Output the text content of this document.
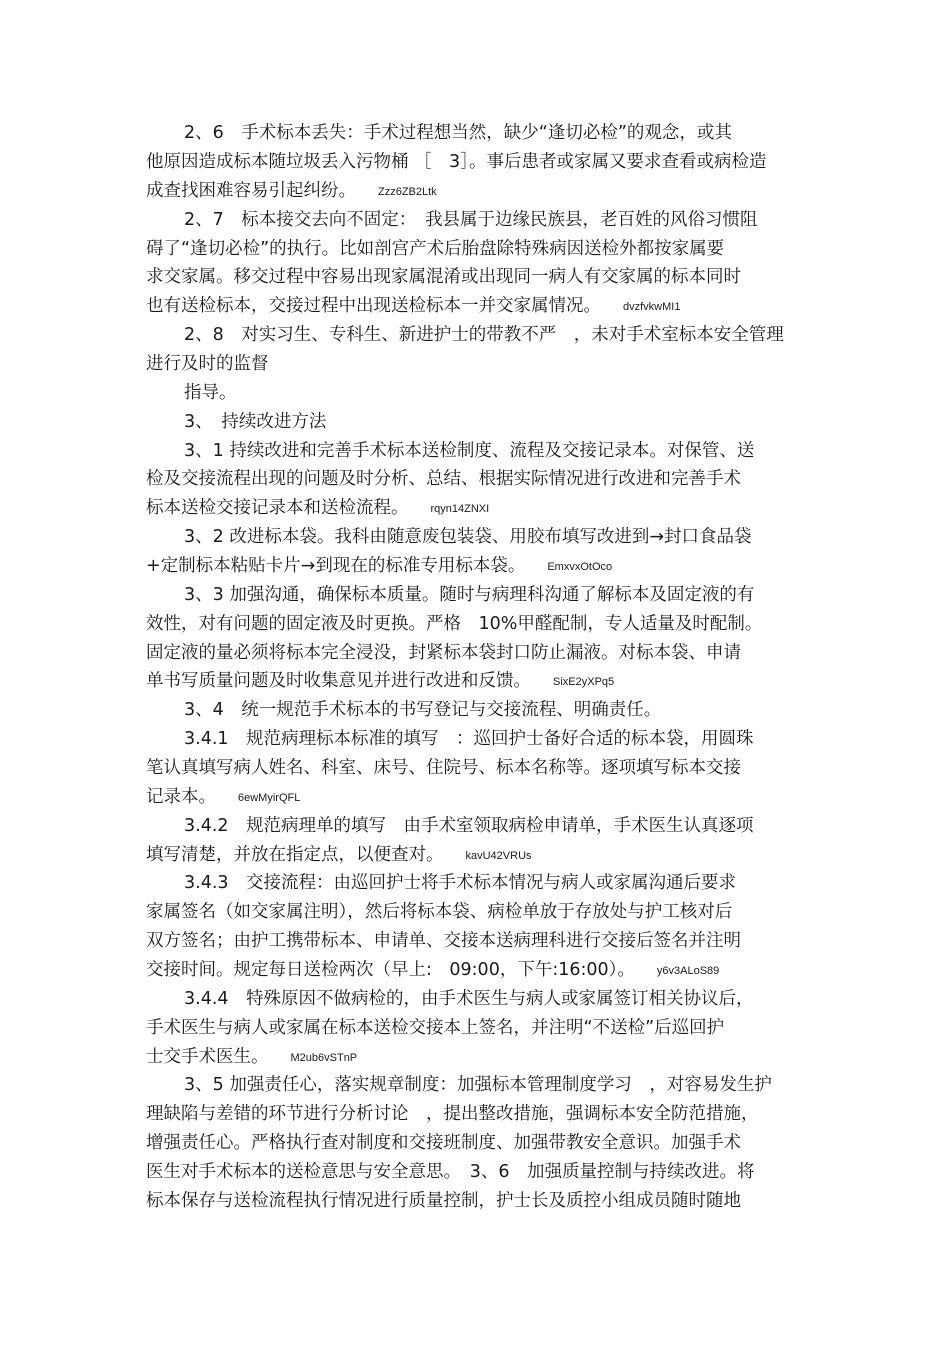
2、6　手术标本丢失：手术过程想当然，缺少“逢切必检”的观念，或其

他原因造成标本随垃圾丢入污物桶 ［　3］。事后患者或家属又要求查看或病检造

成查找困难容易引起纠纷。 Zzz6ZB2Ltk

2、7　标本接交去向不固定：　我县属于边缘民族县，老百姓的风俗习惯阻

碍了“逢切必检”的执行。比如剖宫产术后胎盘除特殊病因送检外都按家属要

求交家属。移交过程中容易出现家属混淆或出现同一病人有交家属的标本同时

也有送检标本，交接过程中出现送检标本一并交家属情况。 dvzfvkwMI1

2、8　对实习生、专科生、新进护士的带教不严　，未对手术室标本安全管理

进行及时的监督

指导。

3、　持续改进方法

3、1 持续改进和完善手术标本送检制度、流程及交接记录本。对保管、送

检及交接流程出现的问题及时分析、总结、根据实际情况进行改进和完善手术

标本送检交接记录本和送检流程。 rqyn14ZNXI

3、2 改进标本袋。我科由随意废包装袋、用胶布填写改进到→封口食品袋

+定制标本粘贴卡片→到现在的标准专用标本袋。 EmxvxOtOco

3、3 加强沟通，确保标本质量。随时与病理科沟通了解标本及固定液的有

效性，对有问题的固定液及时更换。严格　10%甲醛配制，专人适量及时配制。

固定液的量必须将标本完全浸没，封紧标本袋封口防止漏液。对标本袋、申请

单书写质量问题及时收集意见并进行改进和反馈。 SixE2yXPq5

3、4　统一规范手术标本的书写登记与交接流程、明确责任。

3.4.1　规范病理标本标准的填写　：巡回护士备好合适的标本袋，用圆珠

笔认真填写病人姓名、科室、床号、住院号、标本名称等。逐项填写标本交接

记录本。 6ewMyirQFL

3.4.2　规范病理单的填写　由手术室领取病检申请单，手术医生认真逐项

填写清楚，并放在指定点，以便查对。 kavU42VRUs

3.4.3　交接流程：由巡回护士将手术标本情况与病人或家属沟通后要求

家属签名（如交家属注明），然后将标本袋、病检单放于存放处与护工核对后

双方签名；由护工携带标本、申请单、交接本送病理科进行交接后签名并注明

交接时间。规定每日送检两次（早上:　09:00，下午:16:00）。 y6v3ALoS89

3.4.4　特殊原因不做病检的，由手术医生与病人或家属签订相关协议后，

手术医生与病人或家属在标本送检交接本上签名，并注明“不送检”后巡回护

士交手术医生。 M2ub6vSTnP

3、5 加强责任心，落实规章制度：加强标本管理制度学习　，对容易发生护

理缺陷与差错的环节进行分析讨论　，提出整改措施，强调标本安全防范措施，

增强责任心。严格执行查对制度和交接班制度、加强带教安全意识。加强手术

医生对手术标本的送检意思与安全意思。　3、6　加强质量控制与持续改进。将

标本保存与送检流程执行情况进行质量控制，护士长及质控小组成员随时随地
